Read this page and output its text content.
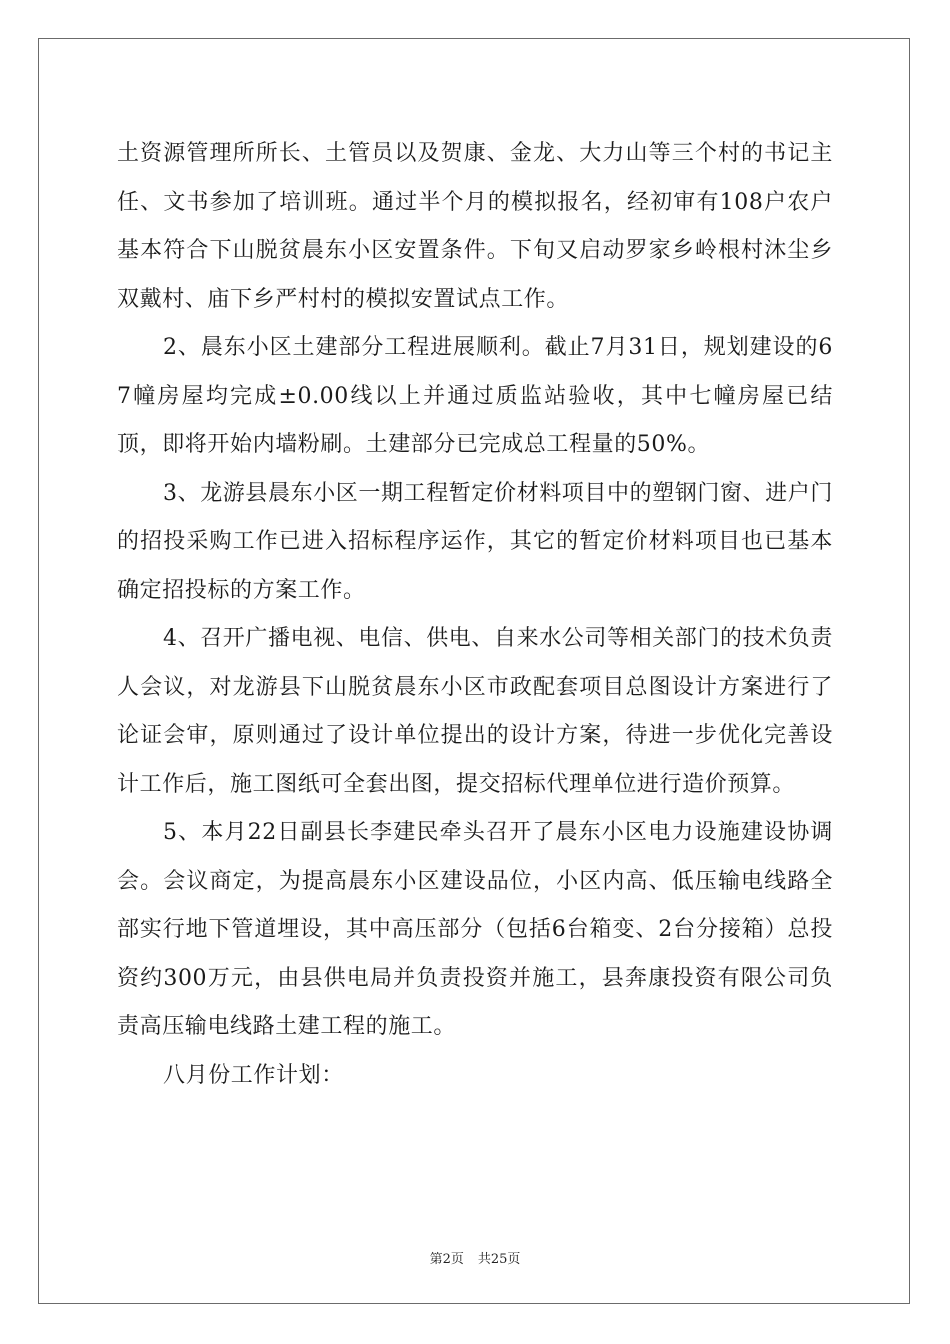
土资源管理所所长、土管员以及贺康、金龙、大力山等三个村的书记主任、文书参加了培训班。通过半个月的模拟报名，经初审有108户农户基本符合下山脱贫晨东小区安置条件。下旬又启动罗家乡岭根村沐尘乡双戴村、庙下乡严村村的模拟安置试点工作。

2、晨东小区土建部分工程进展顺利。截止7月31日，规划建设的67幢房屋均完成±0.00线以上并通过质监站验收，其中七幢房屋已结顶，即将开始内墙粉刷。土建部分已完成总工程量的50%。

3、龙游县晨东小区一期工程暂定价材料项目中的塑钢门窗、进户门的招投采购工作已进入招标程序运作，其它的暂定价材料项目也已基本确定招投标的方案工作。

4、召开广播电视、电信、供电、自来水公司等相关部门的技术负责人会议，对龙游县下山脱贫晨东小区市政配套项目总图设计方案进行了论证会审，原则通过了设计单位提出的设计方案，待进一步优化完善设计工作后，施工图纸可全套出图，提交招标代理单位进行造价预算。

5、本月22日副县长李建民牵头召开了晨东小区电力设施建设协调会。会议商定，为提高晨东小区建设品位，小区内高、低压输电线路全部实行地下管道埋设，其中高压部分（包括6台箱变、2台分接箱）总投资约300万元，由县供电局并负责投资并施工，县奔康投资有限公司负责高压输电线路土建工程的施工。

八月份工作计划：

第2页 共25页
